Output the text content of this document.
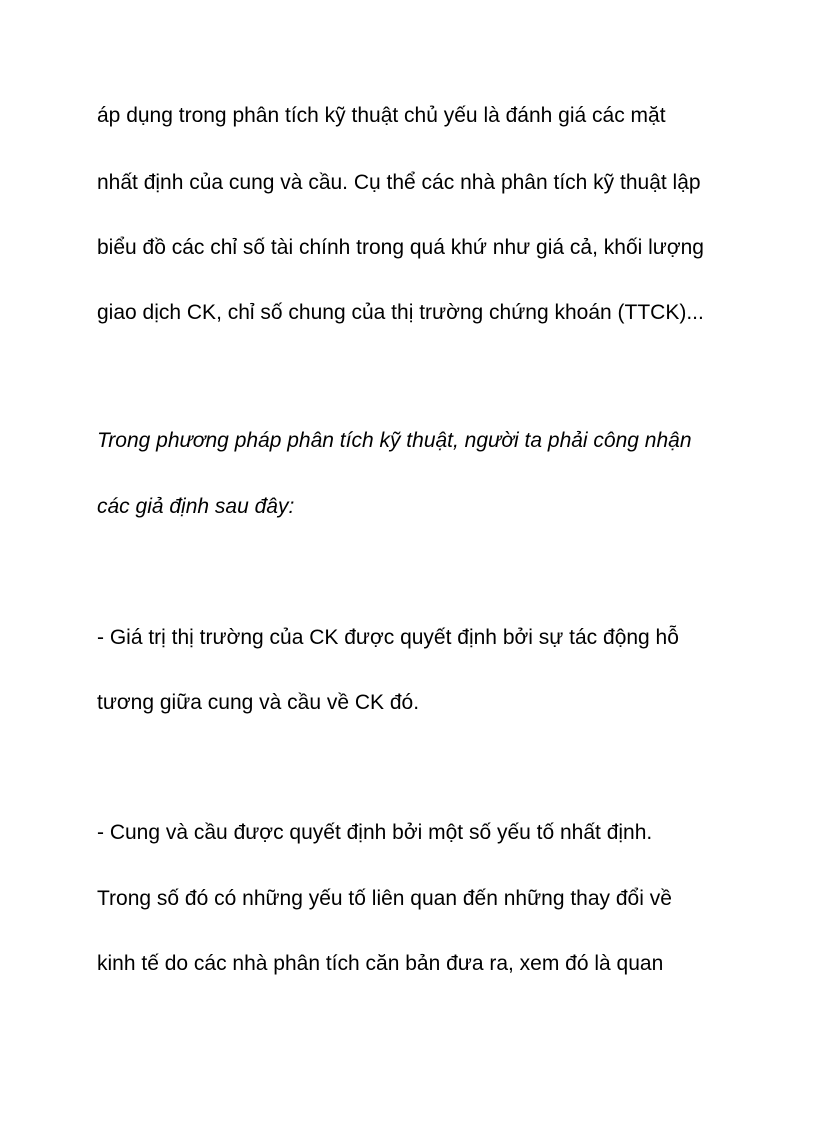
áp dụng trong phân tích kỹ thuật chủ yếu là đánh giá các mặt

nhất định của cung và cầu. Cụ thể các nhà phân tích kỹ thuật lập

biểu đồ các chỉ số tài chính trong quá khứ như giá cả, khối lượng

giao dịch CK, chỉ số chung của thị trường chứng khoán (TTCK)...

Trong phương pháp phân tích kỹ thuật, người ta phải công nhận

các giả định sau đây:

- Giá trị thị trường của CK được quyết định bởi sự tác động hỗ

tương giữa cung và cầu về CK đó.

- Cung và cầu được quyết định bởi một số yếu tố nhất định.

Trong số đó có những yếu tố liên quan đến những thay đổi về

kinh tế do các nhà phân tích căn bản đưa ra, xem đó là quan
